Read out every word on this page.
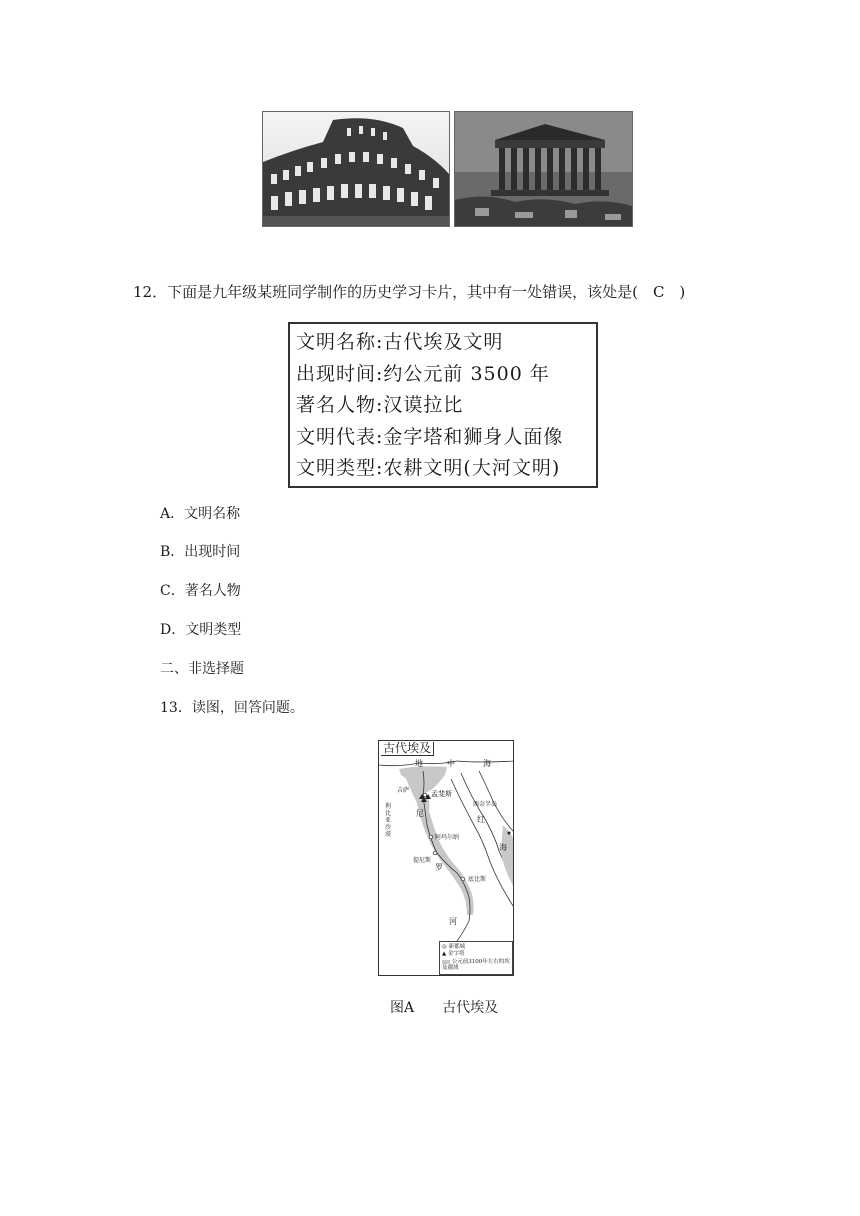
12．下面是九年级某班同学制作的历史学习卡片，其中有一处错误，该处是(　C　)
文明名称:古代埃及文明
出现时间:约公元前 3500 年
著名人物:汉谟拉比
文明代表:金字塔和狮身人面像
文明类型:农耕文明(大河文明)
A．文明名称
B．出现时间
C．著名人物
D．文明类型
二、非选择题
13．读图，回答问题。
古代埃及
地	中	海
吉萨	孟斐斯
西奈半岛
红
海
利比亚沙漠	阿玛尔纳
尼
罗
河
提尼斯
底比斯
◎ 新都城
▲ 金字塔
公元前3100年左右的埃及疆域
图A　　古代埃及
